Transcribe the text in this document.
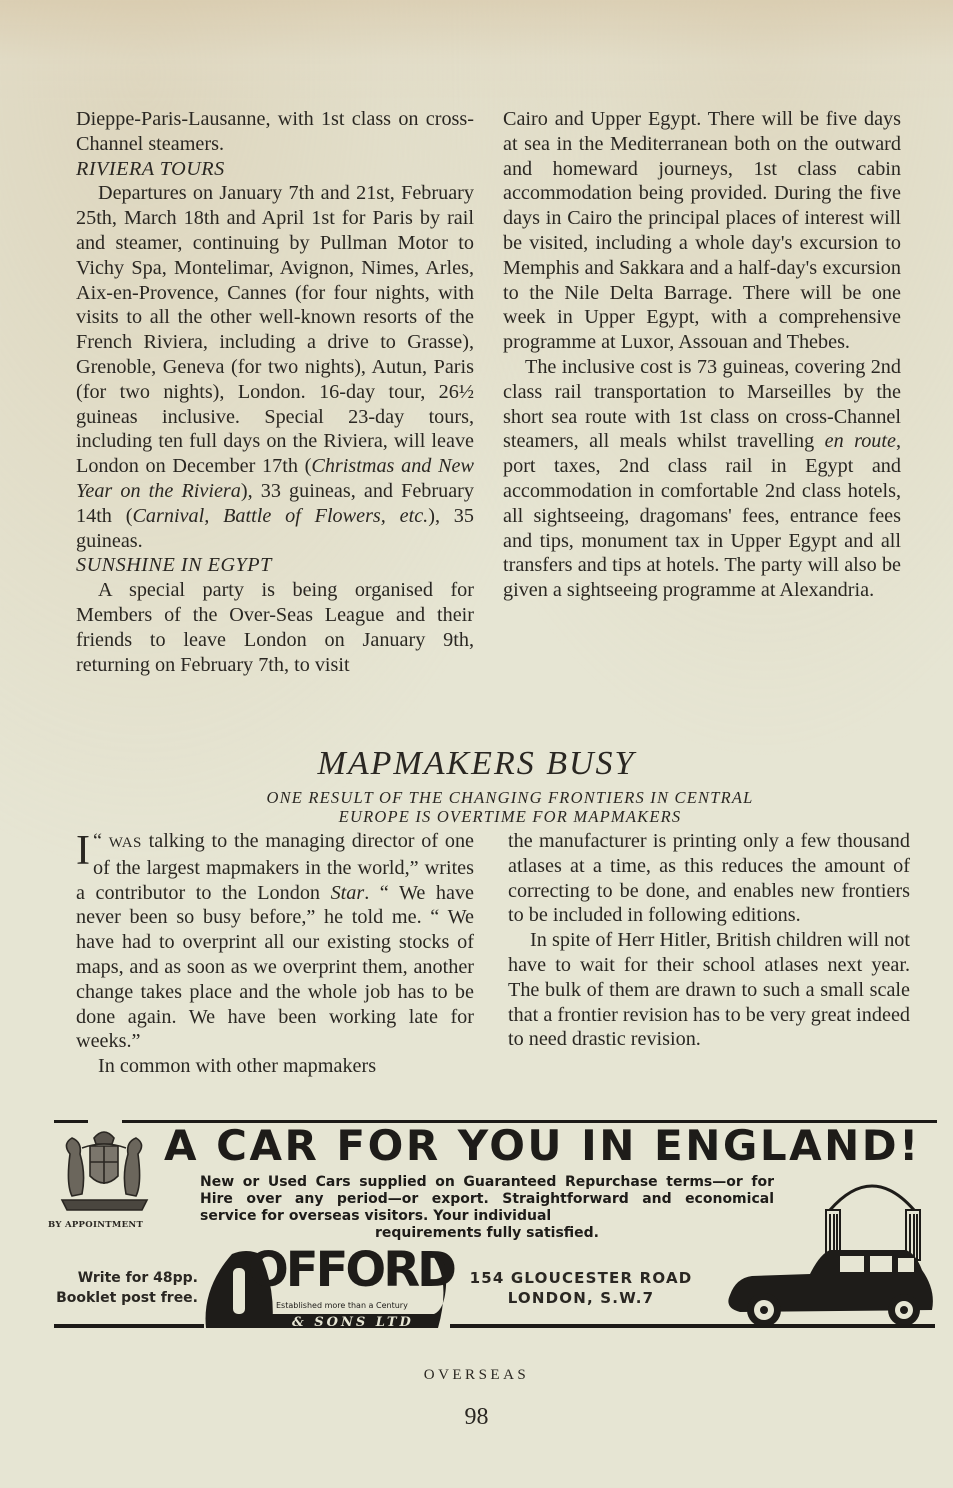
Dieppe-Paris-Lausanne, with 1st class on cross-Channel steamers.

RIVIERA TOURS

Departures on January 7th and 21st, February 25th, March 18th and April 1st for Paris by rail and steamer, continuing by Pullman Motor to Vichy Spa, Montelimar, Avignon, Nimes, Arles, Aix-en-Provence, Cannes (for four nights, with visits to all the other well-known resorts of the French Riviera, including a drive to Grasse), Grenoble, Geneva (for two nights), Autun, Paris (for two nights), London. 16-day tour, 26½ guineas inclusive. Special 23-day tours, including ten full days on the Riviera, will leave London on December 17th (Christmas and New Year on the Riviera), 33 guineas, and February 14th (Carnival, Battle of Flowers, etc.), 35 guineas.

SUNSHINE IN EGYPT

A special party is being organised for Members of the Over-Seas League and their friends to leave London on January 9th, returning on February 7th, to visit

Cairo and Upper Egypt. There will be five days at sea in the Mediterranean both on the outward and homeward journeys, 1st class cabin accommodation being provided. During the five days in Cairo the principal places of interest will be visited, including a whole day's excursion to Memphis and Sakkara and a half-day's excursion to the Nile Delta Barrage. There will be one week in Upper Egypt, with a comprehensive programme at Luxor, Assouan and Thebes.

The inclusive cost is 73 guineas, covering 2nd class rail transportation to Marseilles by the short sea route with 1st class on cross-Channel steamers, all meals whilst travelling en route, port taxes, 2nd class rail in Egypt and accommodation in comfortable 2nd class hotels, all sightseeing, dragomans' fees, entrance fees and tips, monument tax in Upper Egypt and all transfers and tips at hotels. The party will also be given a sightseeing programme at Alexandria.

MAPMAKERS BUSY
ONE RESULT OF THE CHANGING FRONTIERS IN CENTRAL
EUROPE IS OVERTIME FOR MAPMAKERS

“
I WAS talking to the managing director of one of the largest mapmakers in the world,” writes a contributor to the London Star. “ We have never been so busy before,” he told me. “ We have had to overprint all our existing stocks of maps, and as soon as we overprint them, another change takes place and the whole job has to be done again. We have been working late for weeks.”

In common with other mapmakers

the manufacturer is printing only a few thousand atlases at a time, as this reduces the amount of correcting to be done, and enables new frontiers to be included in following editions.

In spite of Herr Hitler, British children will not have to wait for their school atlases next year. The bulk of them are drawn to such a small scale that a frontier revision has to be very great indeed to need drastic revision.

BY APPOINTMENT
A CAR FOR YOU IN ENGLAND!
New or Used Cars supplied on Guaranteed Repurchase terms—or for Hire over any period—or export. Straightforward and economical service for overseas visitors. Your individual
requirements fully satisfied.
Write for 48pp.
Booklet post free. OFFORD
Established more than a Century
& SONS LTD
154 GLOUCESTER ROAD
LONDON, S.W.7
OVERSEAS
98
